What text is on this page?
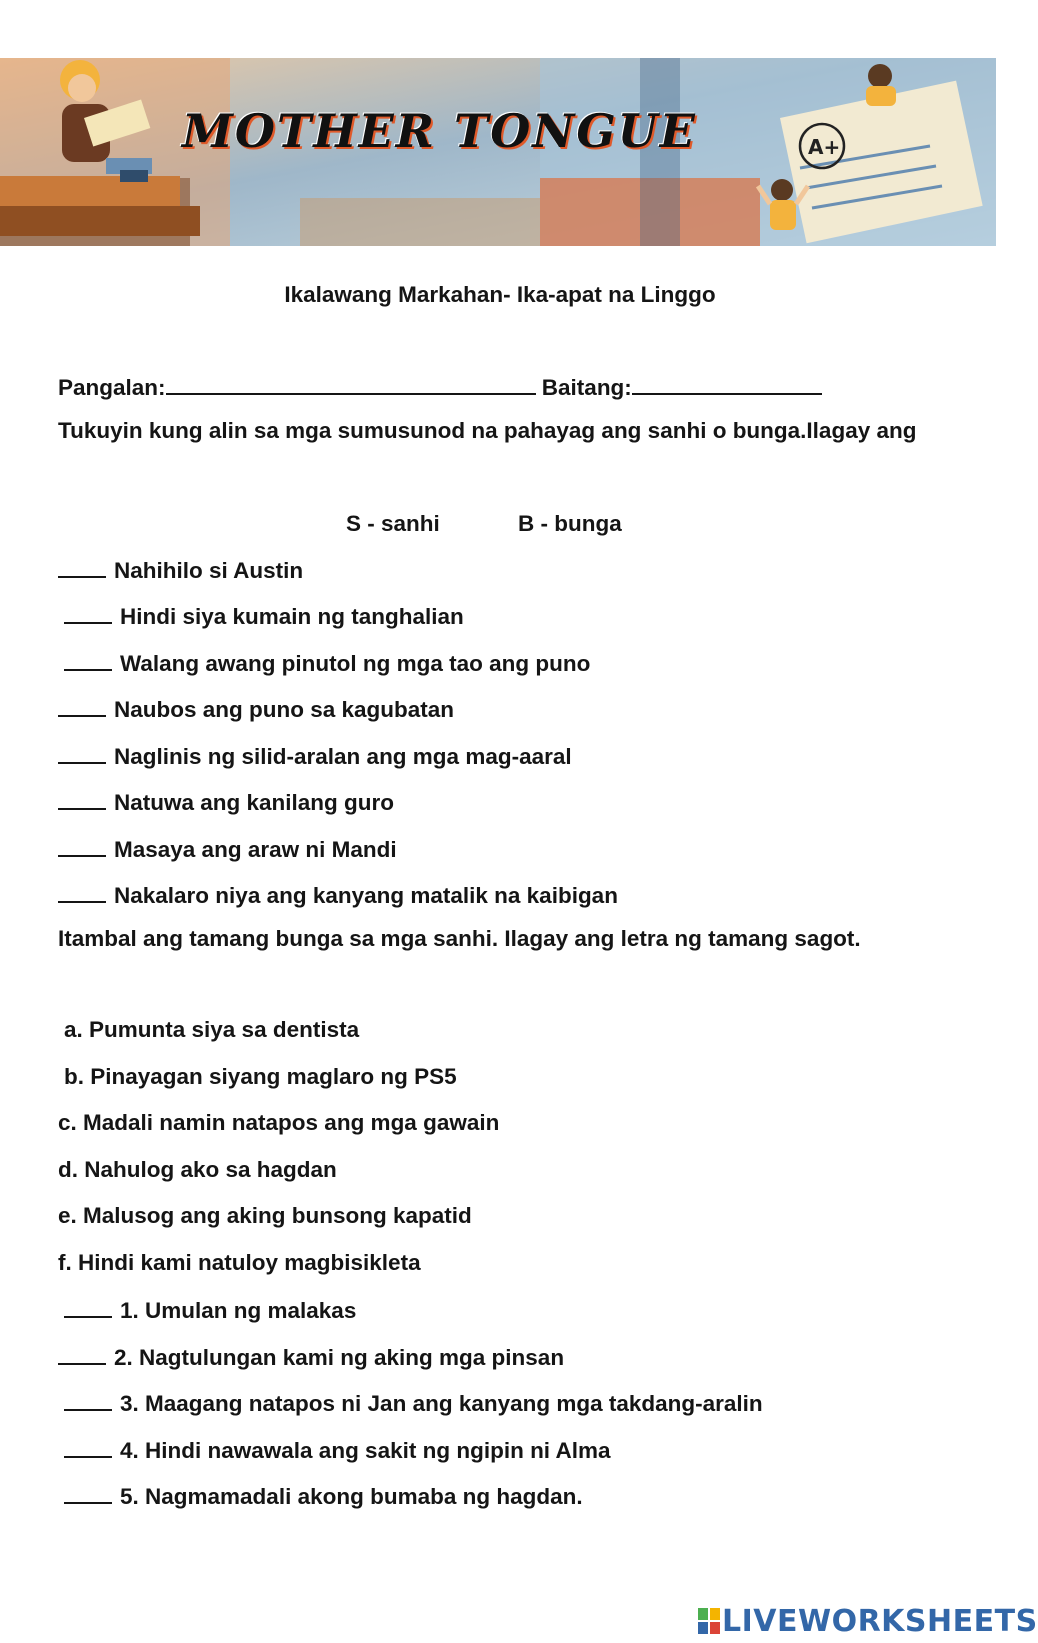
A+
MOTHER TONGUE

Ikalawang Markahan- Ika-apat na Linggo

Pangalan:	Baitang:

Tukuyin kung alin sa mga sumusunod na pahayag ang sanhi o bunga.Ilagay ang

S - sanhi	B - bunga

Nahihilo si Austin

Hindi siya kumain ng tanghalian

Walang awang pinutol ng mga tao ang puno

Naubos ang puno sa kagubatan

Naglinis ng silid-aralan ang mga mag-aaral

Natuwa ang kanilang guro

Masaya ang araw ni Mandi

Nakalaro niya ang kanyang matalik na kaibigan

Itambal ang tamang bunga sa mga sanhi. Ilagay ang letra ng tamang sagot.

a. Pumunta siya sa dentista

b. Pinayagan siyang maglaro ng PS5

c. Madali namin natapos ang mga gawain

d. Nahulog ako sa hagdan

e. Malusog ang aking bunsong kapatid

f. Hindi kami natuloy magbisikleta

1. Umulan ng malakas

2. Nagtulungan kami ng aking mga pinsan

3. Maagang natapos ni Jan ang kanyang mga takdang-aralin

4. Hindi nawawala ang sakit ng ngipin ni Alma

5. Nagmamadali akong bumaba ng hagdan.

LIVEWORKSHEETS
